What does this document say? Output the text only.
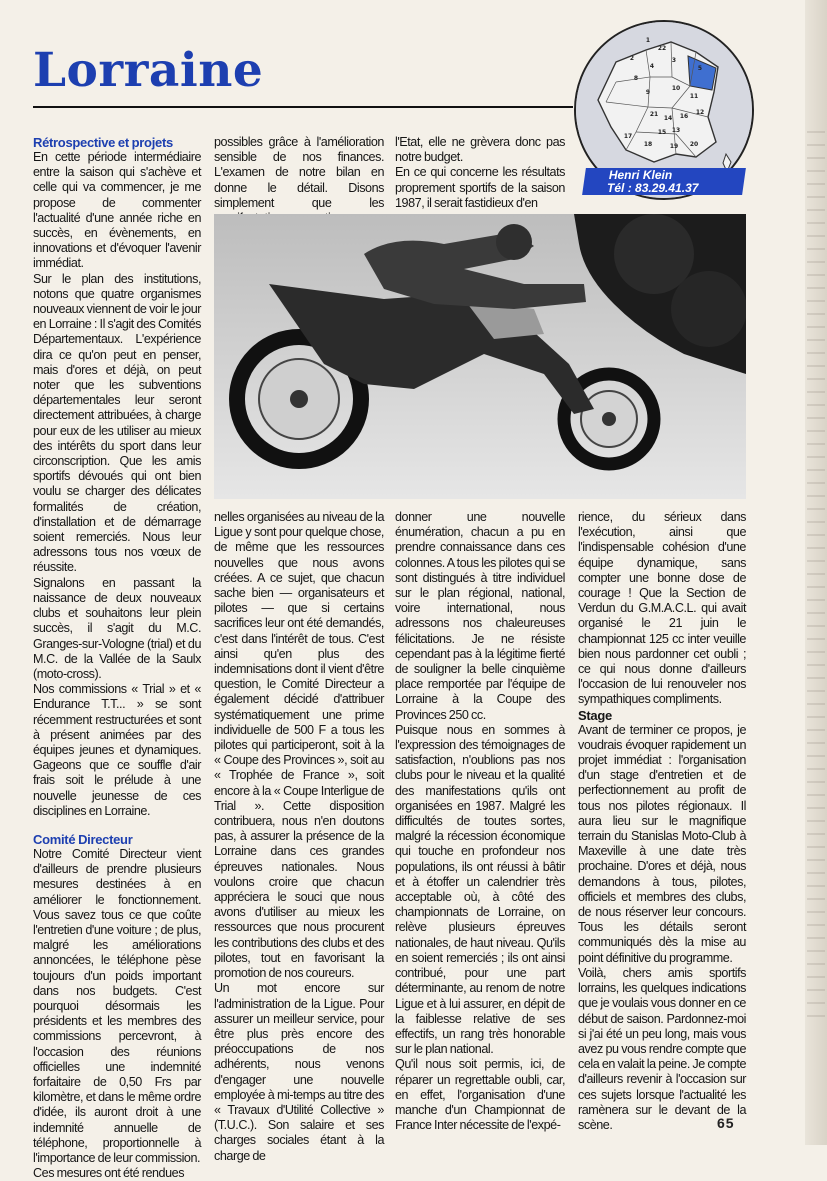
Lorraine
1
22
2	3
5
4
8
9
10
11
12
21
14 16
13
15
17
18	19 20
Henri Klein
Tél : 83.29.41.37
Rétrospective et projets

En cette période intermédiaire entre la saison qui s'achève et celle qui va commencer, je me propose de commenter l'actualité d'une année riche en succès, en évènements, en innovations et d'évoquer l'avenir immédiat.

Sur le plan des institutions, notons que quatre organismes nouveaux viennent de voir le jour en Lorraine : Il s'agit des Comités Départementaux. L'expérience dira ce qu'on peut en penser, mais d'ores et déjà, on peut noter que les subventions départementales leur seront directement attribuées, à charge pour eux de les utiliser au mieux des intérêts du sport dans leur circonscription. Que les amis sportifs dévoués qui ont bien voulu se charger des délicates formalités de création, d'installation et de démarrage soient remerciés. Nous leur adressons tous nos vœux de réussite.

Signalons en passant la naissance de deux nouveaux clubs et souhaitons leur plein succès, il s'agit du M.C. Granges-sur-Vologne (trial) et du M.C. de la Vallée de la Saulx (moto-cross).

Nos commissions « Trial » et « Endurance T.T... » se sont récemment restructurées et sont à présent animées par des équipes jeunes et dynamiques. Gageons que ce souffle d'air frais soit le prélude à une nouvelle jeunesse de ces disciplines en Lorraine.

Comité Directeur

Notre Comité Directeur vient d'ailleurs de prendre plusieurs mesures destinées à en améliorer le fonctionnement. Vous savez tous ce que coûte l'entretien d'une voiture ; de plus, malgré les améliorations annoncées, le téléphone pèse toujours d'un poids important dans nos budgets. C'est pourquoi désormais les présidents et les membres des commissions percevront, à l'occasion des réunions officielles une indemnité forfaitaire de 0,50 Frs par kilomètre, et dans le même ordre d'idée, ils auront droit à une indemnité annuelle de téléphone, proportionnelle à l'importance de leur commission.

Ces mesures ont été rendues

possibles grâce à l'amélioration sensible de nos finances. L'examen de notre bilan en donne le détail. Disons simplement que les

l'Etat, elle ne grèvera donc pas notre budget.

En ce qui concerne les résultats proprement sportifs de la saison 1987, il serait fastidieux d'en

nelles organisées au niveau de la Ligue y sont pour quelque chose, de même que les ressources nouvelles que nous avons créées. A ce sujet, que chacun sache bien — organisateurs et pilotes — que si certains sacrifices leur ont été demandés, c'est dans l'intérêt de tous. C'est ainsi qu'en plus des indemnisations dont il vient d'être question, le Comité Directeur a également décidé d'attribuer systématiquement une prime individuelle de 500 F a tous les pilotes qui participeront, soit à la « Coupe des Provinces », soit au « Trophée de France », soit encore à la « Coupe Interligue de Trial ». Cette disposition contribuera, nous n'en doutons pas, à assurer la présence de la Lorraine dans ces grandes épreuves nationales. Nous voulons croire que chacun appréciera le souci que nous avons d'utiliser au mieux les ressources que nous procurent les contributions des clubs et des pilotes, tout en favorisant la promotion de nos coureurs.

Un mot encore sur l'administration de la Ligue. Pour assurer un meilleur service, pour être plus près encore des préoccupations de nos adhérents, nous venons d'engager une nouvelle employée à mi-temps au titre des « Travaux d'Utilité Collective » (T.U.C.). Son salaire et ses charges sociales étant à la charge de

donner une nouvelle énumération, chacun a pu en prendre connaissance dans ces colonnes. A tous les pilotes qui se sont distingués à titre individuel sur le plan régional, national, voire international, nous adressons nos chaleureuses félicitations. Je ne résiste cependant pas à la légitime fierté de souligner la belle cinquième place remportée par l'équipe de Lorraine à la Coupe des Provinces 250 cc.

Puisque nous en sommes à l'expression des témoignages de satisfaction, n'oublions pas nos clubs pour le niveau et la qualité des manifestations qu'ils ont organisées en 1987. Malgré les difficultés de toutes sortes, malgré la récession économique qui touche en profondeur nos populations, ils ont réussi à bâtir et à étoffer un calendrier très acceptable où, à côté des championnats de Lorraine, on relève plusieurs épreuves nationales, de haut niveau. Qu'ils en soient remerciés ; ils ont ainsi contribué, pour une part déterminante, au renom de notre Ligue et à lui assurer, en dépit de la faiblesse relative de ses effectifs, un rang très honorable sur le plan national.

Qu'il nous soit permis, ici, de réparer un regrettable oubli, car, en effet, l'organisation d'une manche d'un Championnat de France Inter nécessite de l'expé-

rience, du sérieux dans l'exécution, ainsi que l'indispensable cohésion d'une équipe dynamique, sans compter une bonne dose de courage ! Que la Section de Verdun du G.M.A.C.L. qui avait organisé le 21 juin le championnat 125 cc inter veuille bien nous pardonner cet oubli ; ce qui nous donne d'ailleurs l'occasion de lui renouveler nos sympathiques compliments.

Stage

Avant de terminer ce propos, je voudrais évoquer rapidement un projet immédiat : l'organisation d'un stage d'entretien et de perfectionnement au profit de tous nos pilotes régionaux. Il aura lieu sur le magnifique terrain du Stanislas Moto-Club à Maxeville à une date très prochaine. D'ores et déjà, nous demandons à tous, pilotes, officiels et membres des clubs, de nous réserver leur concours. Tous les détails seront communiqués dès la mise au point définitive du programme.

Voilà, chers amis sportifs lorrains, les quelques indications que je voulais vous donner en ce début de saison. Pardonnez-moi si j'ai été un peu long, mais vous avez pu vous rendre compte que cela en valait la peine. Je compte d'ailleurs revenir à l'occasion sur ces sujets lorsque l'actualité les ramènera sur le devant de la scène.	65
